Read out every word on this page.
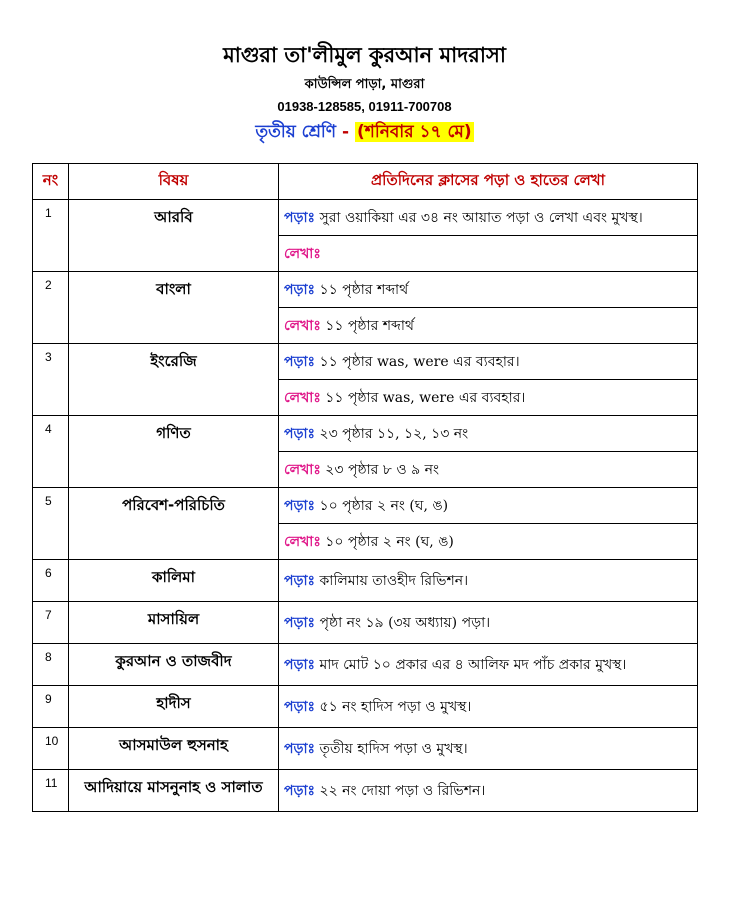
মাগুরা তা'লীমুল কুরআন মাদরাসা
কাউন্সিল পাড়া, মাগুরা
01938-128585, 01911-700708
তৃতীয় শ্রেণি - (শনিবার ১৭ মে)
নং	বিষয়	প্রতিদিনের ক্লাসের পড়া ও হাতের লেখা
1	আরবি	পড়াঃ সুরা ওয়াকিয়া এর ৩৪ নং আয়াত পড়া ও লেখা এবং মুখস্থ।
		লেখাঃ
2	বাংলা	পড়াঃ ১১ পৃষ্ঠার শব্দার্থ
		লেখাঃ ১১ পৃষ্ঠার শব্দার্থ
3	ইংরেজি	পড়াঃ ১১ পৃষ্ঠার was, were এর ব্যবহার।
		লেখাঃ ১১ পৃষ্ঠার was, were এর ব্যবহার।
4	গণিত	পড়াঃ ২৩ পৃষ্ঠার ১১, ১২, ১৩ নং
		লেখাঃ ২৩ পৃষ্ঠার ৮ ও ৯ নং
5	পরিবেশ-পরিচিতি	পড়াঃ ১০ পৃষ্ঠার ২ নং (ঘ, ঙ)
		লেখাঃ ১০ পৃষ্ঠার ২ নং (ঘ, ঙ)
6	কালিমা	পড়াঃ কালিমায় তাওহীদ রিভিশন।
7	মাসায়িল	পড়াঃ পৃষ্ঠা নং ১৯ (৩য় অধ্যায়) পড়া।
8	কুরআন ও তাজবীদ	পড়াঃ মাদ মোট ১০ প্রকার এর ৪ আলিফ মদ পাঁচ প্রকার মুখস্থ।
9	হাদীস	পড়াঃ ৫১ নং হাদিস পড়া ও মুখস্থ।
10	আসমাউল হুসনাহ	পড়াঃ তৃতীয় হাদিস পড়া ও মুখস্থ।
11	আদিয়ায়ে মাসনুনাহ ও সালাত	পড়াঃ ২২ নং দোয়া পড়া ও রিভিশন।
